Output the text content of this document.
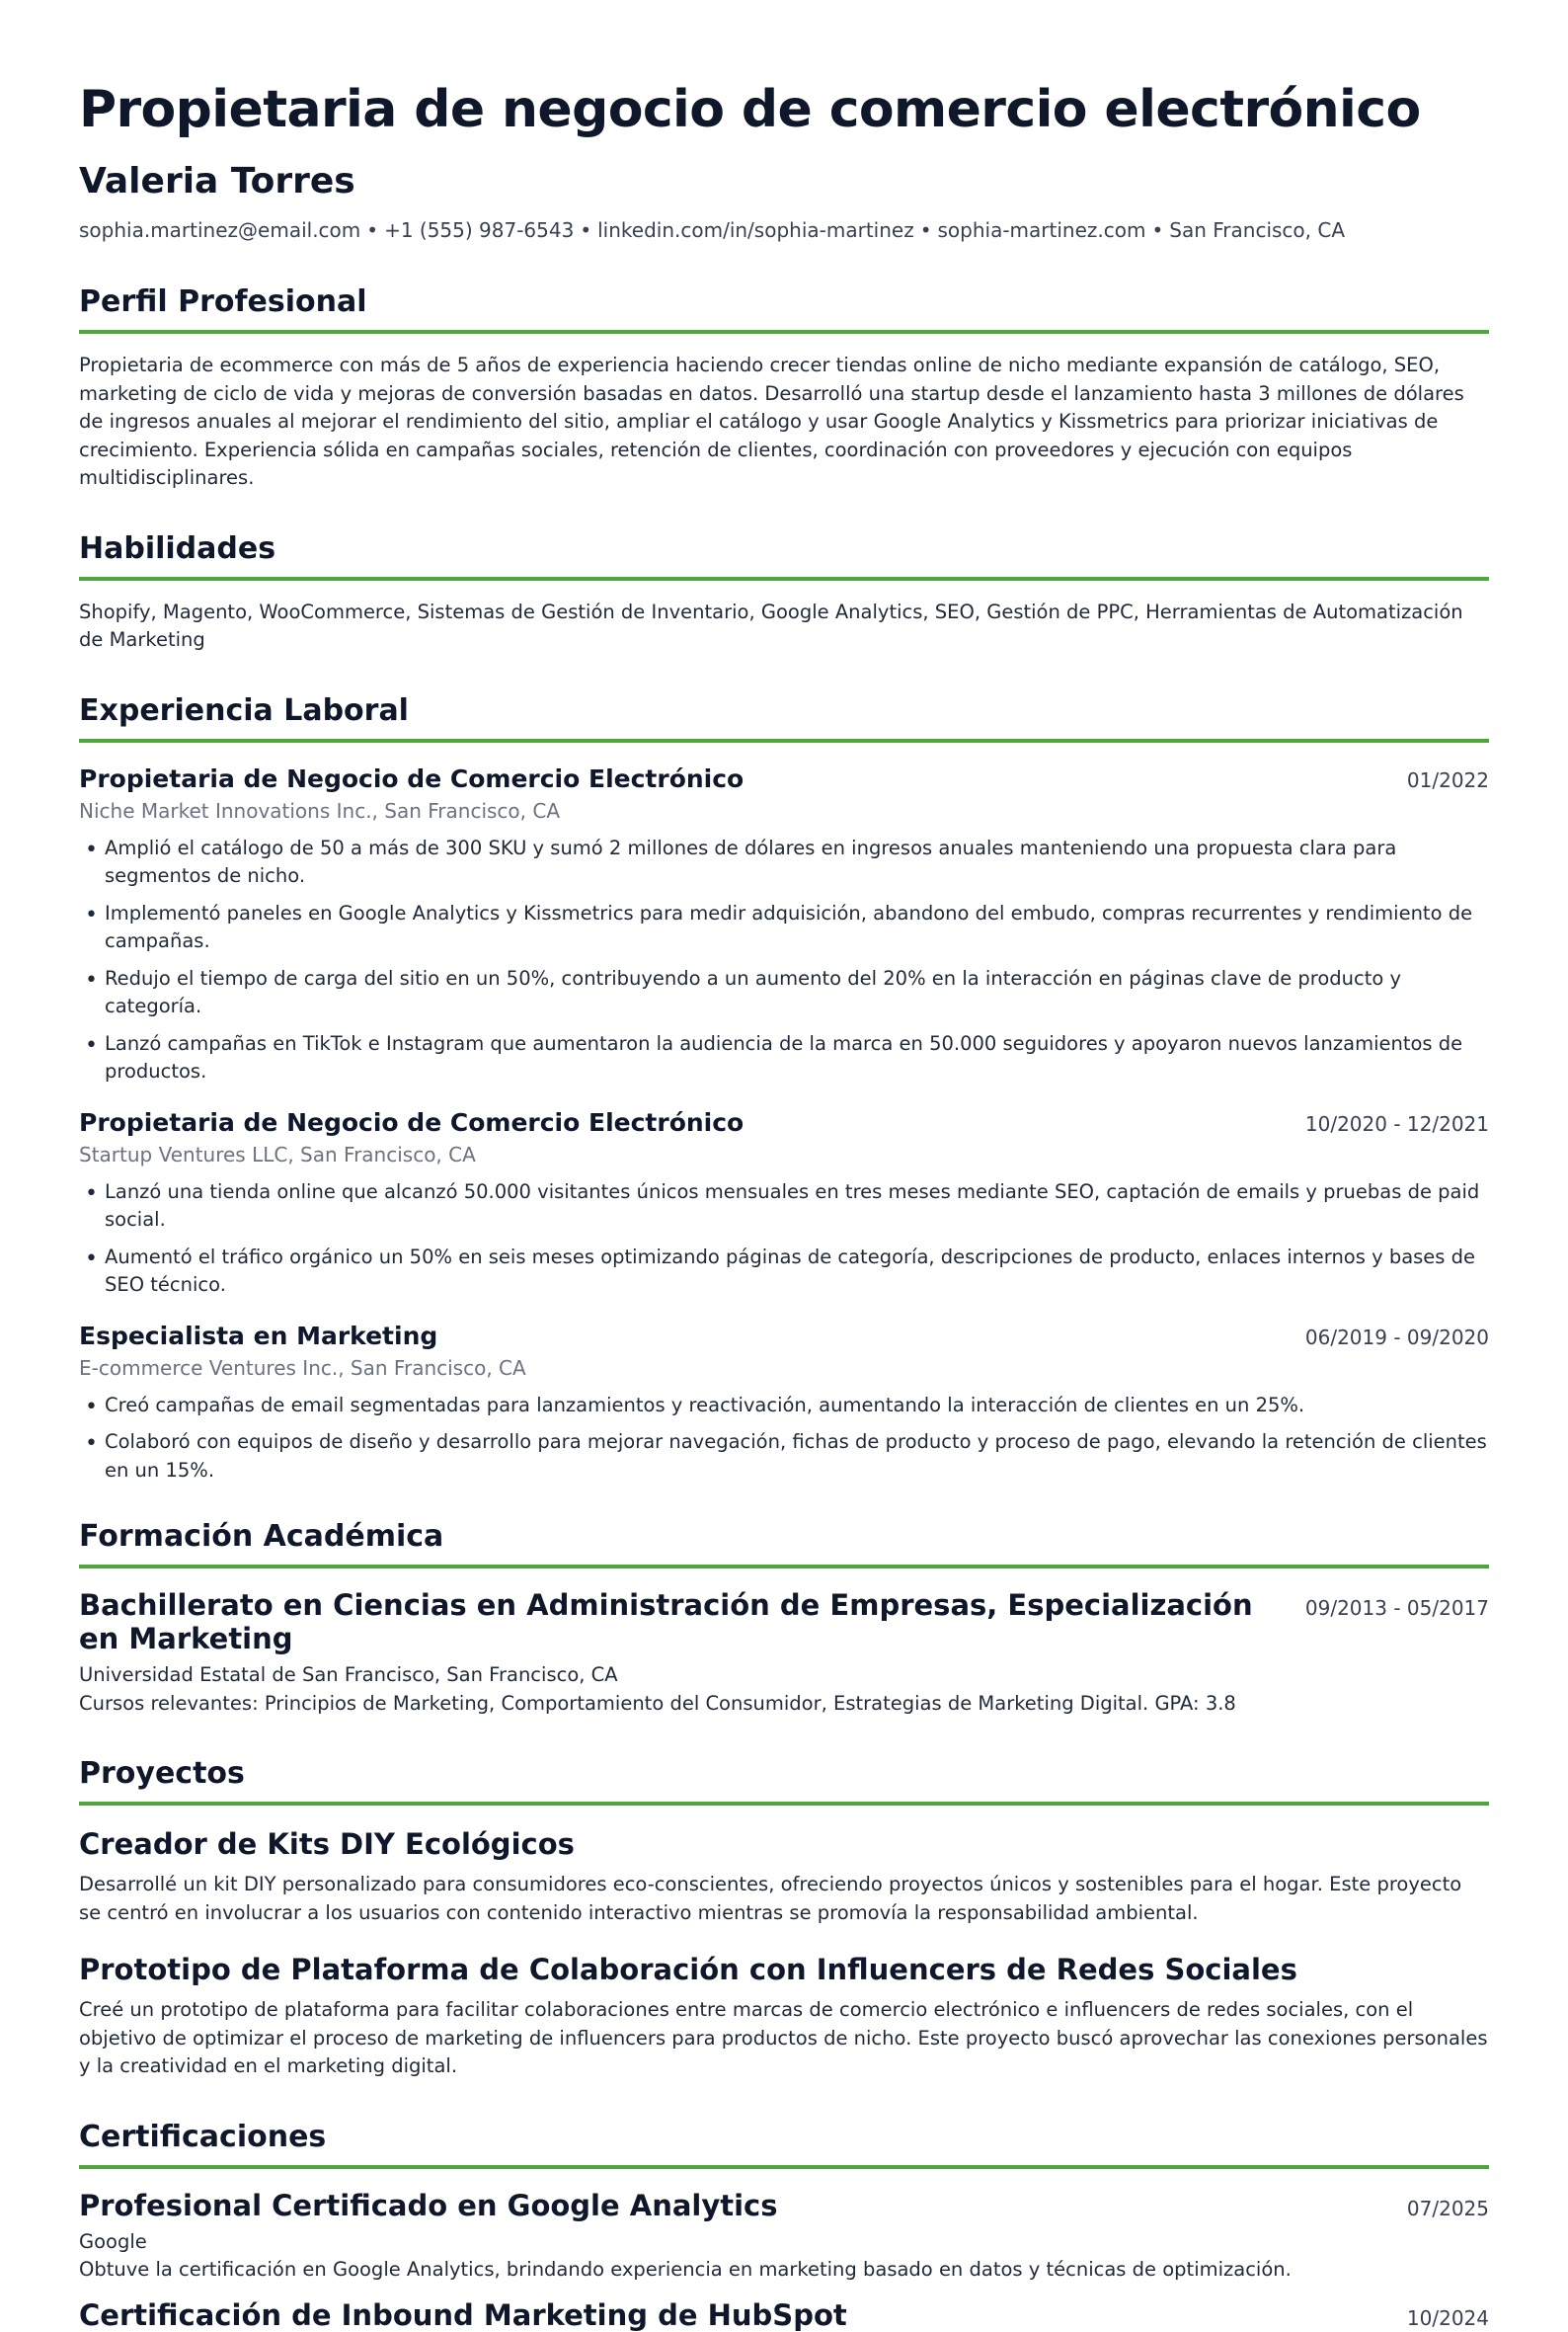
Propietaria de negocio de comercio electrónico
Valeria Torres
sophia.martinez@email.com • +1 (555) 987-6543 • linkedin.com/in/sophia-martinez • sophia-martinez.com • San Francisco, CA
Perfil Profesional
Propietaria de ecommerce con más de 5 años de experiencia haciendo crecer tiendas online de nicho mediante expansión de catálogo, SEO, marketing de ciclo de vida y mejoras de conversión basadas en datos. Desarrolló una startup desde el lanzamiento hasta 3 millones de dólares de ingresos anuales al mejorar el rendimiento del sitio, ampliar el catálogo y usar Google Analytics y Kissmetrics para priorizar iniciativas de crecimiento. Experiencia sólida en campañas sociales, retención de clientes, coordinación con proveedores y ejecución con equipos multidisciplinares.
Habilidades
Shopify, Magento, WooCommerce, Sistemas de Gestión de Inventario, Google Analytics, SEO, Gestión de PPC, Herramientas de Automatización de Marketing
Experiencia Laboral
Propietaria de Negocio de Comercio Electrónico	01/2022
Niche Market Innovations Inc., San Francisco, CA
• Amplió el catálogo de 50 a más de 300 SKU y sumó 2 millones de dólares en ingresos anuales manteniendo una propuesta clara para segmentos de nicho.
• Implementó paneles en Google Analytics y Kissmetrics para medir adquisición, abandono del embudo, compras recurrentes y rendimiento de campañas.
• Redujo el tiempo de carga del sitio en un 50%, contribuyendo a un aumento del 20% en la interacción en páginas clave de producto y categoría.
• Lanzó campañas en TikTok e Instagram que aumentaron la audiencia de la marca en 50.000 seguidores y apoyaron nuevos lanzamientos de productos.
Propietaria de Negocio de Comercio Electrónico	10/2020 - 12/2021
Startup Ventures LLC, San Francisco, CA
• Lanzó una tienda online que alcanzó 50.000 visitantes únicos mensuales en tres meses mediante SEO, captación de emails y pruebas de paid social.
• Aumentó el tráfico orgánico un 50% en seis meses optimizando páginas de categoría, descripciones de producto, enlaces internos y bases de SEO técnico.
Especialista en Marketing	06/2019 - 09/2020
E-commerce Ventures Inc., San Francisco, CA
• Creó campañas de email segmentadas para lanzamientos y reactivación, aumentando la interacción de clientes en un 25%.
• Colaboró con equipos de diseño y desarrollo para mejorar navegación, fichas de producto y proceso de pago, elevando la retención de clientes en un 15%.
Formación Académica
Bachillerato en Ciencias en Administración de Empresas, Especialización en Marketing
09/2013 - 05/2017
Universidad Estatal de San Francisco, San Francisco, CA
Cursos relevantes: Principios de Marketing, Comportamiento del Consumidor, Estrategias de Marketing Digital. GPA: 3.8
Proyectos
Creador de Kits DIY Ecológicos
Desarrollé un kit DIY personalizado para consumidores eco-conscientes, ofreciendo proyectos únicos y sostenibles para el hogar. Este proyecto se centró en involucrar a los usuarios con contenido interactivo mientras se promovía la responsabilidad ambiental.
Prototipo de Plataforma de Colaboración con Influencers de Redes Sociales
Creé un prototipo de plataforma para facilitar colaboraciones entre marcas de comercio electrónico e influencers de redes sociales, con el objetivo de optimizar el proceso de marketing de influencers para productos de nicho. Este proyecto buscó aprovechar las conexiones personales y la creatividad en el marketing digital.
Certificaciones
Profesional Certificado en Google Analytics	07/2025
Google
Obtuve la certificación en Google Analytics, brindando experiencia en marketing basado en datos y técnicas de optimización.
Certificación de Inbound Marketing de HubSpot	10/2024
